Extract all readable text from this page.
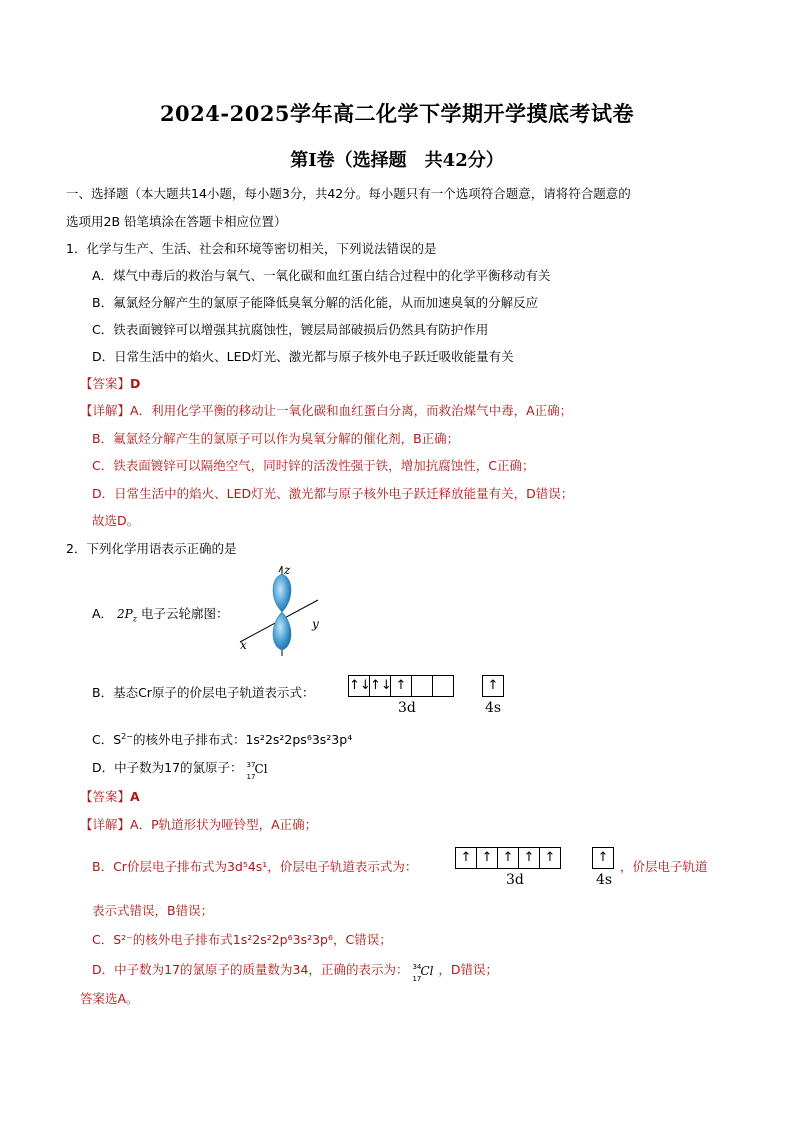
2024-2025学年高二化学下学期开学摸底考试卷
第Ⅰ卷（选择题　共42分）
一、选择题（本大题共14小题，每小题3分，共42分。每小题只有一个选项符合题意，请将符合题意的
选项用2B 铅笔填涂在答题卡相应位置）
1．化学与生产、生活、社会和环境等密切相关，下列说法错误的是
A．煤气中毒后的救治与氧气、一氧化碳和血红蛋白结合过程中的化学平衡移动有关
B．氟氯烃分解产生的氯原子能降低臭氧分解的活化能，从而加速臭氧的分解反应
C．铁表面镀锌可以增强其抗腐蚀性，镀层局部破损后仍然具有防护作用
D．日常生活中的焰火、LED灯光、激光都与原子核外电子跃迁吸收能量有关
【答案】D
【详解】A．利用化学平衡的移动让一氧化碳和血红蛋白分离，而救治煤气中毒，A正确；
B．氟氯烃分解产生的氯原子可以作为臭氧分解的催化剂，B正确；
C．铁表面镀锌可以隔绝空气，同时锌的活泼性强于铁，增加抗腐蚀性，C正确；
D．日常生活中的焰火、LED灯光、激光都与原子核外电子跃迁释放能量有关，D错误；
故选D。
2．下列化学用语表示正确的是
A． $2P_z$ 电子云轮廓图：
z
y
x
B．基态Cr原子的价层电子轨道表示式：	↑↓ ↑↓ ↑	↑
3d	4s
C．$S^{2-}$的核外电子排布式：1s²2s²2ps⁶3s²3p⁴
D．中子数为17的氯原子： 37
17
Cl
【答案】A
【详解】A．P轨道形状为哑铃型，A正确；
B．Cr价层电子排布式为3d⁵4s¹，价层电子轨道表示式为：
↑ ↑ ↑ ↑ ↑	↑
3d	4s
，价层电子轨道
表示式错误，B错误；
C．S²⁻的核外电子排布式1s²2s²2p⁶3s²3p⁶，C错误；
D．中子数为17的氯原子的质量数为34，正确的表示为： 34
17
Cl ，D错误；
答案选A。
